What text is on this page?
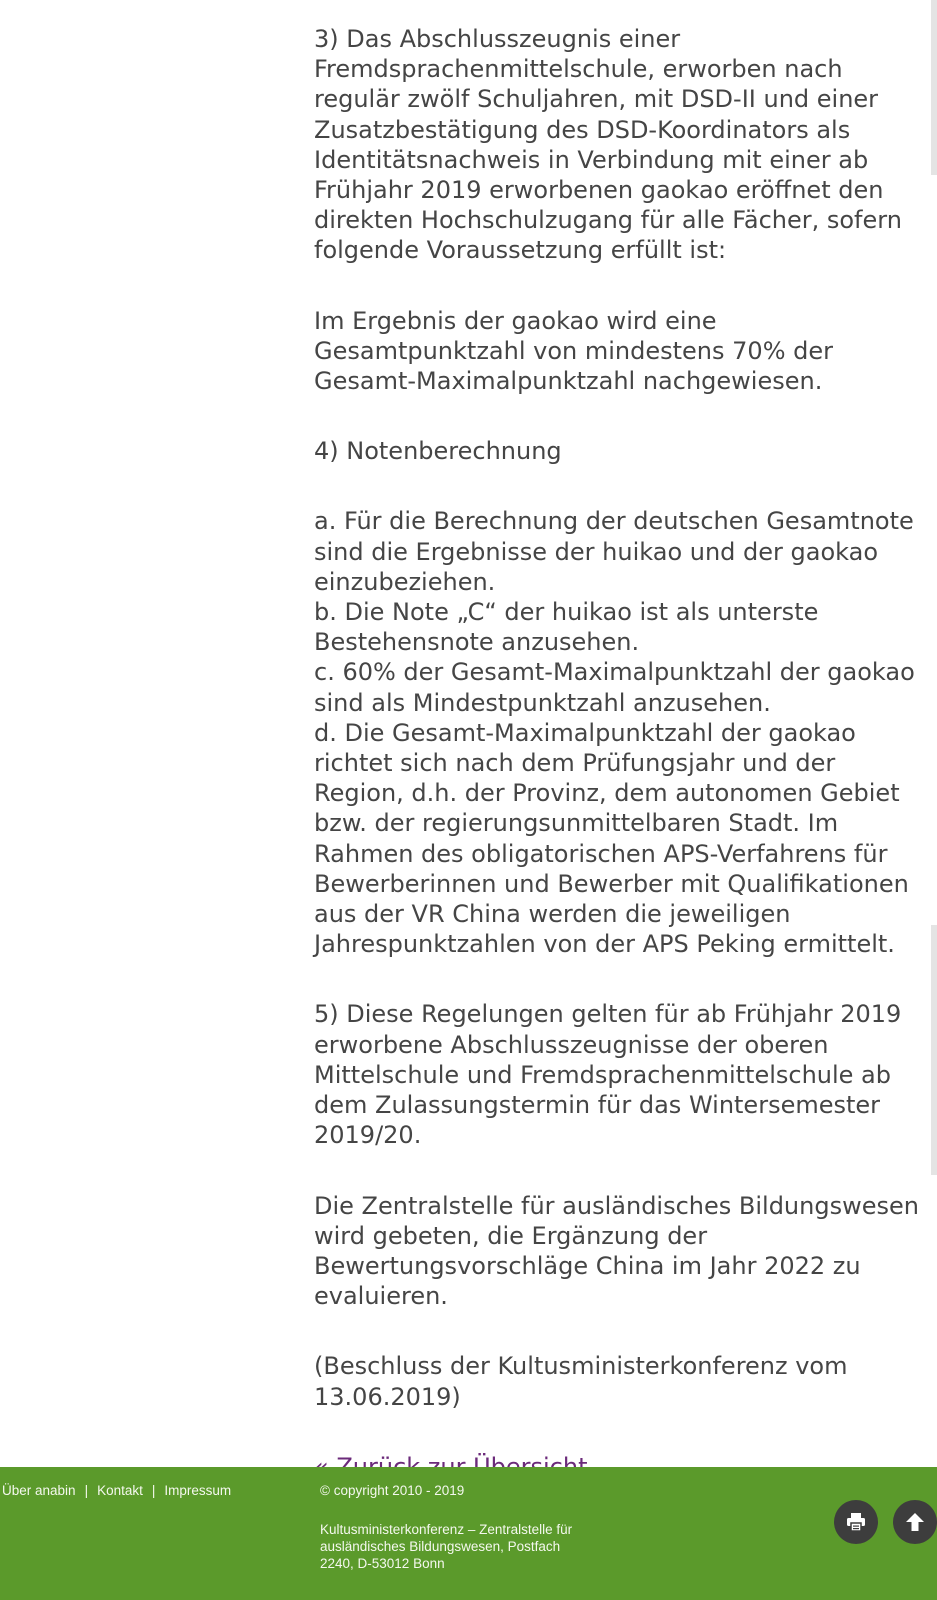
3) Das Abschlusszeugnis einer Fremdsprachenmittelschule, erworben nach regulär zwölf Schuljahren, mit DSD-II und einer Zusatzbestätigung des DSD-Koordinators als Identitätsnachweis in Verbindung mit einer ab Frühjahr 2019 erworbenen gaokao eröffnet den direkten Hochschulzugang für alle Fächer, sofern folgende Voraussetzung erfüllt ist:

Im Ergebnis der gaokao wird eine Gesamtpunktzahl von mindestens 70% der Gesamt-Maximalpunktzahl nachgewiesen.

4) Notenberechnung

a. Für die Berechnung der deutschen Gesamtnote sind die Ergebnisse der huikao und der gaokao einzubeziehen.

b. Die Note „C“ der huikao ist als unterste Bestehensnote anzusehen.

c. 60% der Gesamt-Maximalpunktzahl der gaokao sind als Mindestpunktzahl anzusehen.

d. Die Gesamt-Maximalpunktzahl der gaokao richtet sich nach dem Prüfungsjahr und der Region, d.h. der Provinz, dem autonomen Gebiet bzw. der regierungsunmittelbaren Stadt. Im Rahmen des obligatorischen APS-Verfahrens für Bewerberinnen und Bewerber mit Qualifikationen aus der VR China werden die jeweiligen Jahrespunktzahlen von der APS Peking ermittelt.

5) Diese Regelungen gelten für ab Frühjahr 2019 erworbene Abschlusszeugnisse der oberen Mittelschule und Fremdsprachenmittelschule ab dem Zulassungstermin für das Wintersemester 2019/20.

Die Zentralstelle für ausländisches Bildungswesen wird gebeten, die Ergänzung der Bewertungsvorschläge China im Jahr 2022 zu evaluieren.

(Beschluss der Kultusministerkonferenz vom 13.06.2019)

Über anabin | Kontakt | Impressum	© copyright 2010 - 2019
Kultusministerkonferenz – Zentralstelle für ausländisches Bildungswesen, Postfach 2240, D-53012 Bonn
